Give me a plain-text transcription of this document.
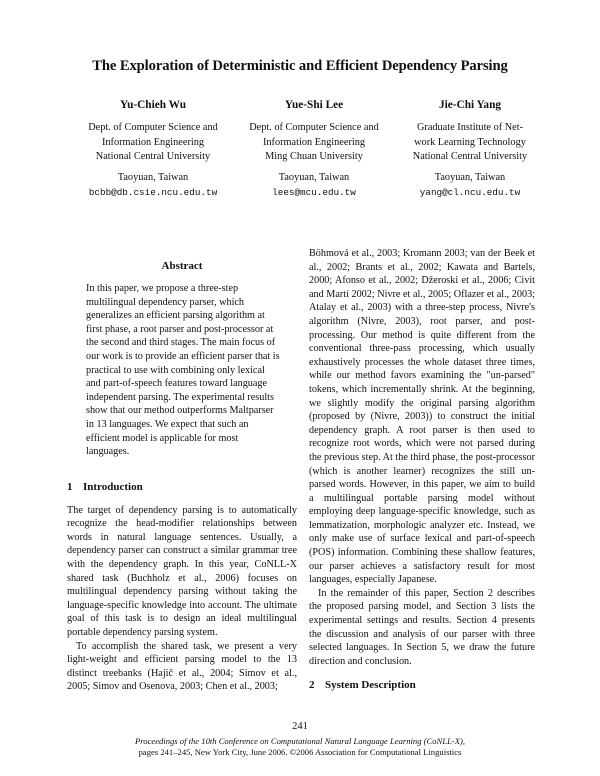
The Exploration of Deterministic and Efficient Dependency Parsing
Yu-Chieh Wu
Dept. of Computer Science and
Information Engineering
National Central University
Taoyuan, Taiwan
bcbb@db.csie.ncu.edu.tw
Yue-Shi Lee
Dept. of Computer Science and
Information Engineering
Ming Chuan University
Taoyuan, Taiwan
lees@mcu.edu.tw
Jie-Chi Yang
Graduate Institute of Net-
work Learning Technology
National Central University
Taoyuan, Taiwan
yang@cl.ncu.edu.tw
Abstract

In this paper, we propose a three-step multilingual dependency parser, which generalizes an efficient parsing algorithm at first phase, a root parser and post-processor at the second and third stages. The main focus of our work is to provide an efficient parser that is practical to use with combining only lexical and part-of-speech features toward language independent parsing. The experimental results show that our method outperforms Maltparser in 13 languages. We expect that such an efficient model is applicable for most languages.

1 Introduction

The target of dependency parsing is to automatically recognize the head-modifier relationships between words in natural language sentences. Usually, a dependency parser can construct a similar grammar tree with the dependency graph. In this year, CoNLL-X shared task (Buchholz et al., 2006) focuses on multilingual dependency parsing without taking the language-specific knowledge into account. The ultimate goal of this task is to design an ideal multilingual portable dependency parsing system.

To accomplish the shared task, we present a very light-weight and efficient parsing model to the 13 distinct treebanks (Hajič et al., 2004; Simov et al., 2005; Simov and Osenova, 2003; Chen et al., 2003;

Böhmová et al., 2003; Kromann 2003; van der Beek et al., 2002; Brants et al., 2002; Kawata and Bartels, 2000; Afonso et al., 2002; Džeroski et al., 2006; Civit and Martí 2002; Nivre et al., 2005; Oflazer et al., 2003; Atalay et al., 2003) with a three-step process, Nivre's algorithm (Nivre, 2003), root parser, and post-processing. Our method is quite different from the conventional three-pass processing, which usually exhaustively processes the whole dataset three times, while our method favors examining the "un-parsed" tokens, which incrementally shrink. At the beginning, we slightly modify the original parsing algorithm (proposed by (Nivre, 2003)) to construct the initial dependency graph. A root parser is then used to recognize root words, which were not parsed during the previous step. At the third phase, the post-processor (which is another learner) recognizes the still un-parsed words. However, in this paper, we aim to build a multilingual portable parsing model without employing deep language-specific knowledge, such as lemmatization, morphologic analyzer etc. Instead, we only make use of surface lexical and part-of-speech (POS) information. Combining these shallow features, our parser achieves a satisfactory result for most languages, especially Japanese.

In the remainder of this paper, Section 2 describes the proposed parsing model, and Section 3 lists the experimental settings and results. Section 4 presents the discussion and analysis of our parser with three selected languages. In Section 5, we draw the future direction and conclusion.

2 System Description
241
Proceedings of the 10th Conference on Computational Natural Language Learning (CoNLL-X),
pages 241–245, New York City, June 2006. ©2006 Association for Computational Linguistics
